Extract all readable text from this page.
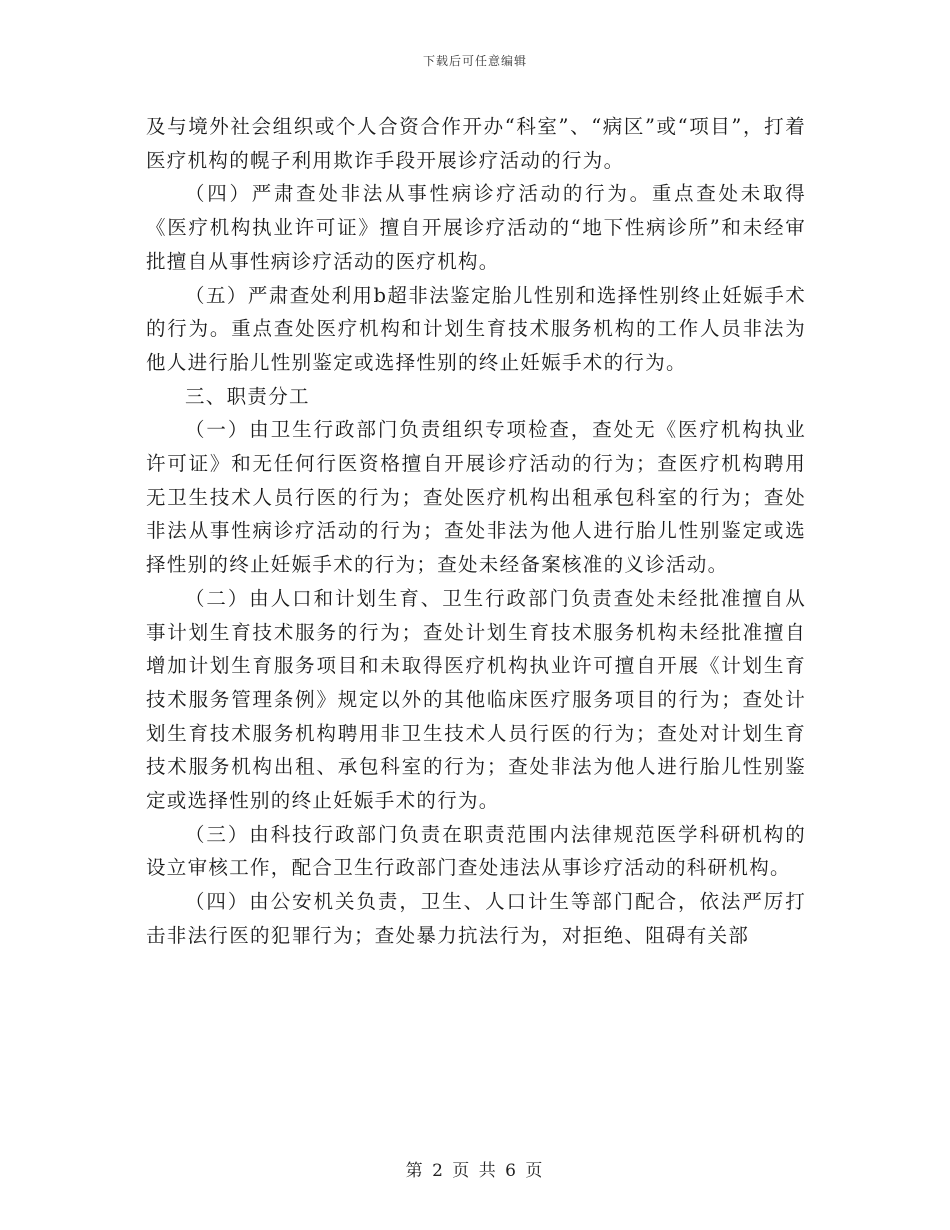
下载后可任意编辑

及与境外社会组织或个人合资合作开办“科室”、“病区”或“项目”，打着医疗机构的幌子利用欺诈手段开展诊疗活动的行为。

（四）严肃查处非法从事性病诊疗活动的行为。重点查处未取得《医疗机构执业许可证》擅自开展诊疗活动的“地下性病诊所”和未经审批擅自从事性病诊疗活动的医疗机构。

（五）严肃查处利用b超非法鉴定胎儿性别和选择性别终止妊娠手术的行为。重点查处医疗机构和计划生育技术服务机构的工作人员非法为他人进行胎儿性别鉴定或选择性别的终止妊娠手术的行为。

三、职责分工

（一）由卫生行政部门负责组织专项检查，查处无《医疗机构执业许可证》和无任何行医资格擅自开展诊疗活动的行为；查医疗机构聘用无卫生技术人员行医的行为；查处医疗机构出租承包科室的行为；查处非法从事性病诊疗活动的行为；查处非法为他人进行胎儿性别鉴定或选择性别的终止妊娠手术的行为；查处未经备案核准的义诊活动。

（二）由人口和计划生育、卫生行政部门负责查处未经批准擅自从事计划生育技术服务的行为；查处计划生育技术服务机构未经批准擅自增加计划生育服务项目和未取得医疗机构执业许可擅自开展《计划生育技术服务管理条例》规定以外的其他临床医疗服务项目的行为；查处计划生育技术服务机构聘用非卫生技术人员行医的行为；查处对计划生育技术服务机构出租、承包科室的行为；查处非法为他人进行胎儿性别鉴定或选择性别的终止妊娠手术的行为。

（三）由科技行政部门负责在职责范围内法律规范医学科研机构的设立审核工作，配合卫生行政部门查处违法从事诊疗活动的科研机构。

（四）由公安机关负责，卫生、人口计生等部门配合，依法严厉打击非法行医的犯罪行为；查处暴力抗法行为，对拒绝、阻碍有关部

第 2 页 共 6 页
